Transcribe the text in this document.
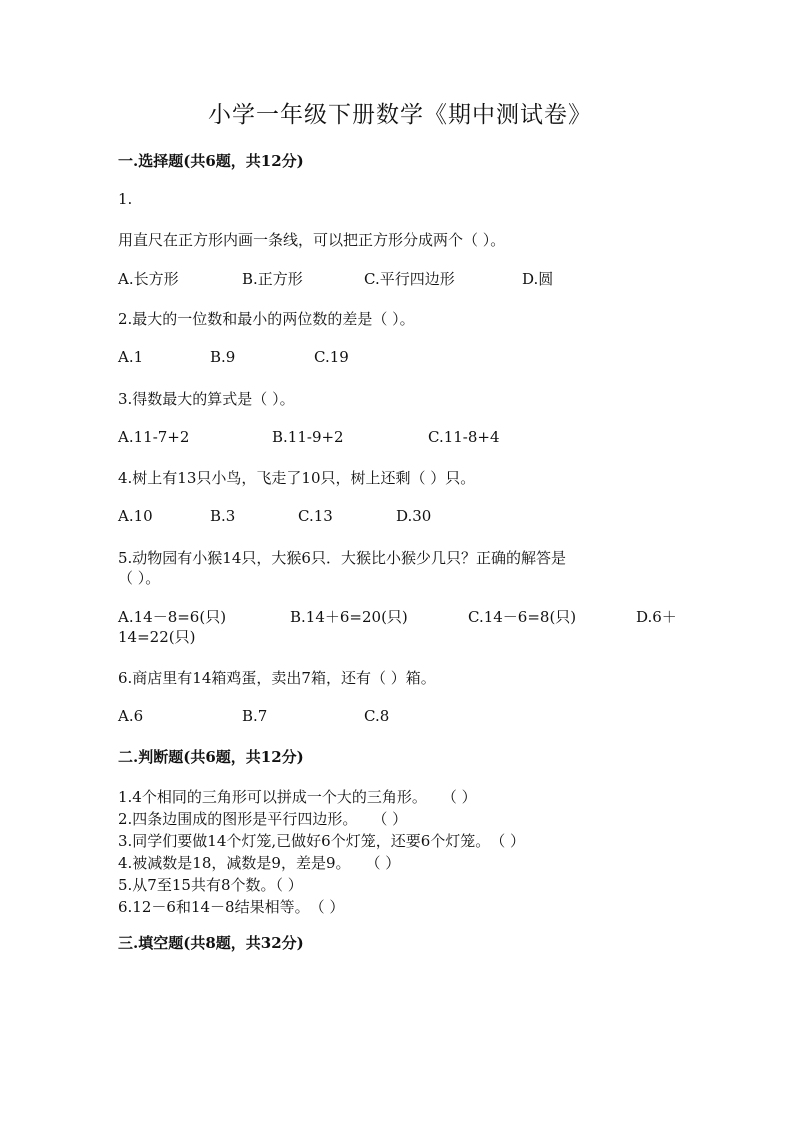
小学一年级下册数学《期中测试卷》
一.选择题(共6题，共12分)
1.
用直尺在正方形内画一条线，可以把正方形分成两个（ ）。
A.长方形	B.正方形	C.平行四边形	D.圆
2.最大的一位数和最小的两位数的差是（ ）。
A.1	B.9	C.19
3.得数最大的算式是（ ）。
A.11-7+2	B.11-9+2	C.11-8+4
4.树上有13只小鸟，飞走了10只，树上还剩（ ）只。
A.10	B.3	C.13	D.30
5.动物园有小猴14只，大猴6只．大猴比小猴少几只？正确的解答是
（ ）。
A.14－8=6(只)	B.14＋6=20(只)	C.14－6=8(只)	D.6＋
14=22(只)
6.商店里有14箱鸡蛋，卖出7箱，还有（ ）箱。
A.6	B.7	C.8
二.判断题(共6题，共12分)
1.4个相同的三角形可以拼成一个大的三角形。　　（ ）
2.四条边围成的图形是平行四边形。　　（ ）
3.同学们要做14个灯笼,已做好6个灯笼，还要6个灯笼。　（ ）
4.被减数是18，减数是9，差是9。　　（ ）
5.从7至15共有8个数。（ ）
6.12－6和14－8结果相等。　（ ）
三.填空题(共8题，共32分)
